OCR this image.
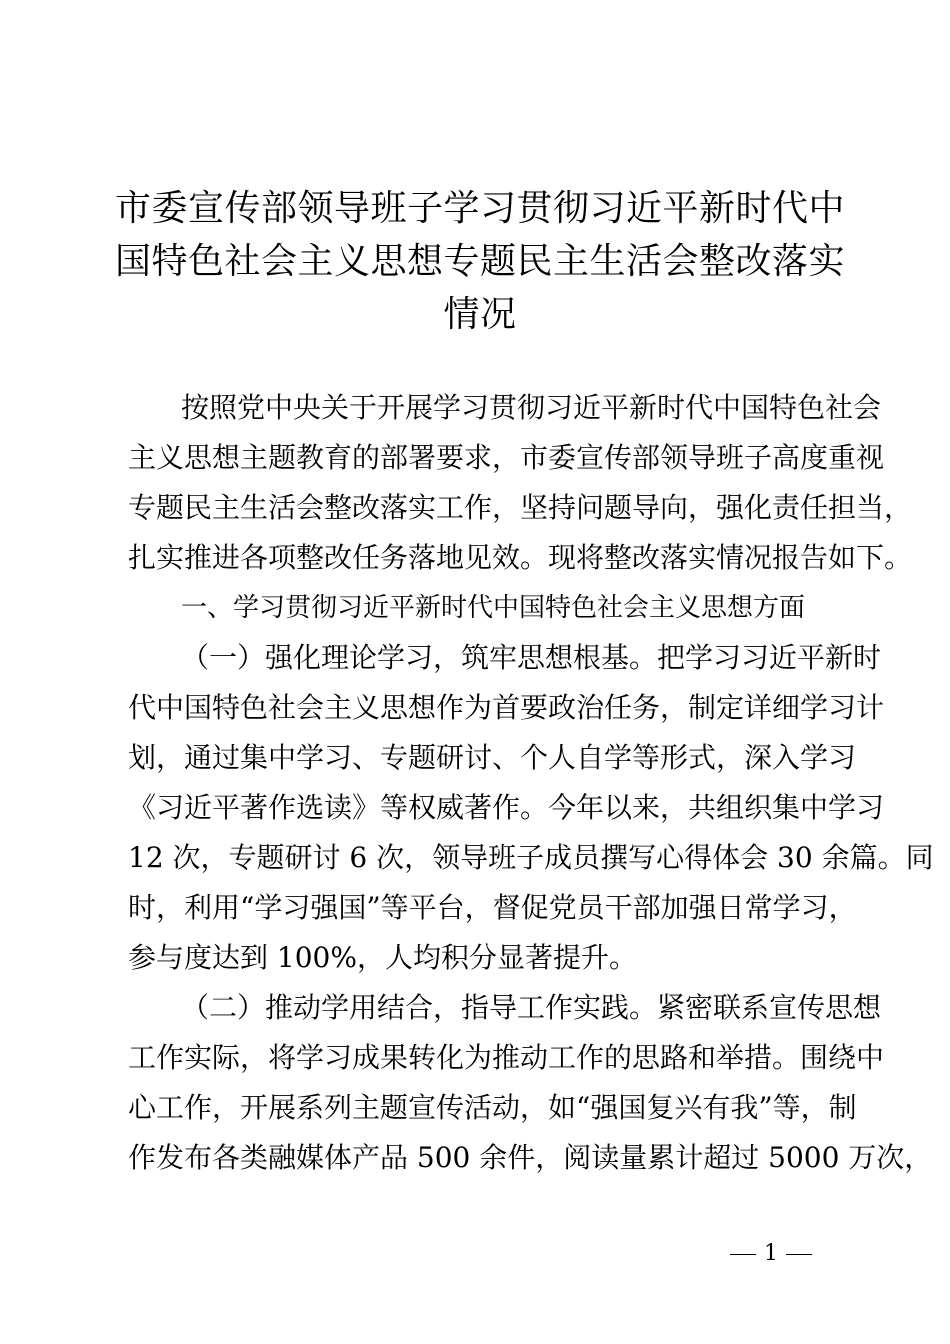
市委宣传部领导班子学习贯彻习近平新时代中
国特色社会主义思想专题民主生活会整改落实
情况

按照党中央关于开展学习贯彻习近平新时代中国特色社会
主义思想主题教育的部署要求，市委宣传部领导班子高度重视
专题民主生活会整改落实工作，坚持问题导向，强化责任担当，
扎实推进各项整改任务落地见效。现将整改落实情况报告如下。

一、学习贯彻习近平新时代中国特色社会主义思想方面

（一）强化理论学习，筑牢思想根基。把学习习近平新时
代中国特色社会主义思想作为首要政治任务，制定详细学习计
划，通过集中学习、专题研讨、个人自学等形式，深入学习
《习近平著作选读》等权威著作。今年以来，共组织集中学习
12 次，专题研讨 6 次，领导班子成员撰写心得体会 30 余篇。同
时，利用“学习强国”等平台，督促党员干部加强日常学习，
参与度达到 100%，人均积分显著提升。

（二）推动学用结合，指导工作实践。紧密联系宣传思想
工作实际，将学习成果转化为推动工作的思路和举措。围绕中
心工作，开展系列主题宣传活动，如“强国复兴有我”等，制
作发布各类融媒体产品 500 余件，阅读量累计超过 5000 万次，

1
